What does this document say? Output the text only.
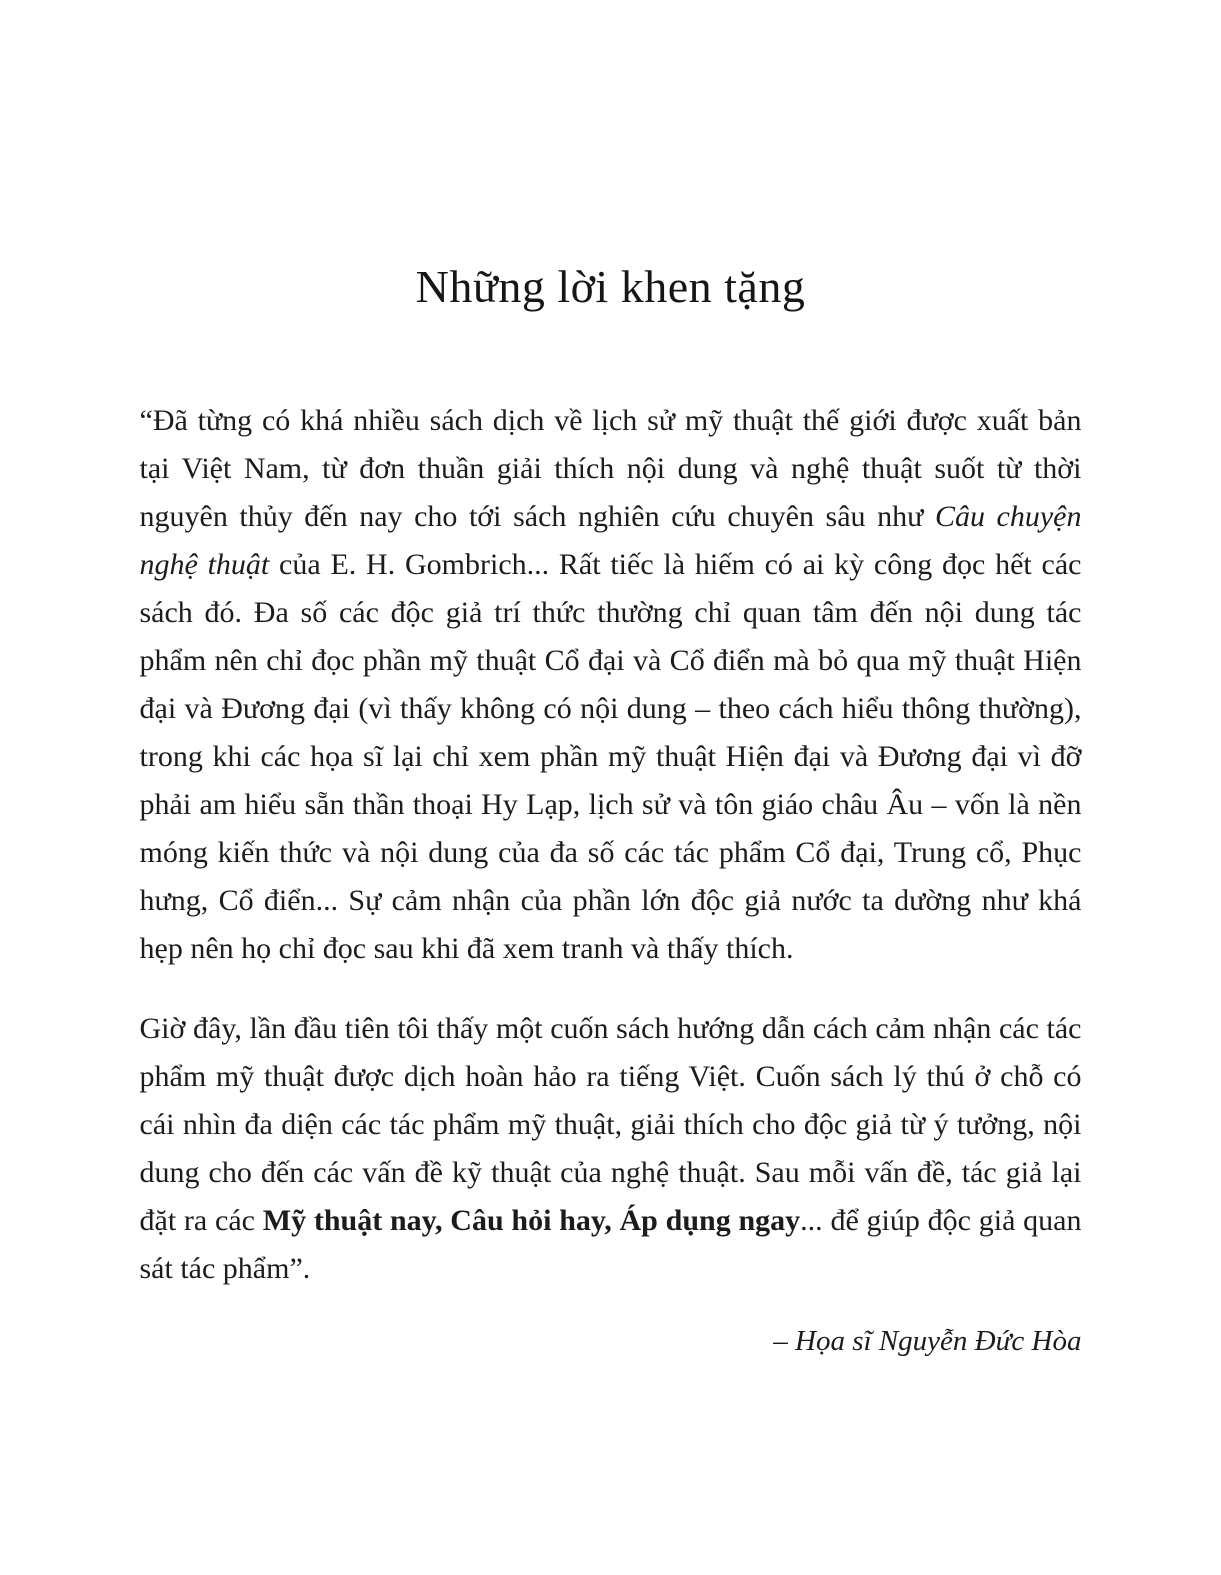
Những lời khen tặng

“Đã từng có khá nhiều sách dịch về lịch sử mỹ thuật thế giới được xuất bản tại Việt Nam, từ đơn thuần giải thích nội dung và nghệ thuật suốt từ thời nguyên thủy đến nay cho tới sách nghiên cứu chuyên sâu như Câu chuyện nghệ thuật của E. H. Gombrich... Rất tiếc là hiếm có ai kỳ công đọc hết các sách đó. Đa số các độc giả trí thức thường chỉ quan tâm đến nội dung tác phẩm nên chỉ đọc phần mỹ thuật Cổ đại và Cổ điển mà bỏ qua mỹ thuật Hiện đại và Đương đại (vì thấy không có nội dung – theo cách hiểu thông thường), trong khi các họa sĩ lại chỉ xem phần mỹ thuật Hiện đại và Đương đại vì đỡ phải am hiểu sẵn thần thoại Hy Lạp, lịch sử và tôn giáo châu Âu – vốn là nền móng kiến thức và nội dung của đa số các tác phẩm Cổ đại, Trung cổ, Phục hưng, Cổ điển... Sự cảm nhận của phần lớn độc giả nước ta dường như khá hẹp nên họ chỉ đọc sau khi đã xem tranh và thấy thích.

Giờ đây, lần đầu tiên tôi thấy một cuốn sách hướng dẫn cách cảm nhận các tác phẩm mỹ thuật được dịch hoàn hảo ra tiếng Việt. Cuốn sách lý thú ở chỗ có cái nhìn đa diện các tác phẩm mỹ thuật, giải thích cho độc giả từ ý tưởng, nội dung cho đến các vấn đề kỹ thuật của nghệ thuật. Sau mỗi vấn đề, tác giả lại đặt ra các Mỹ thuật nay, Câu hỏi hay, Áp dụng ngay... để giúp độc giả quan sát tác phẩm”.

– Họa sĩ Nguyễn Đức Hòa
